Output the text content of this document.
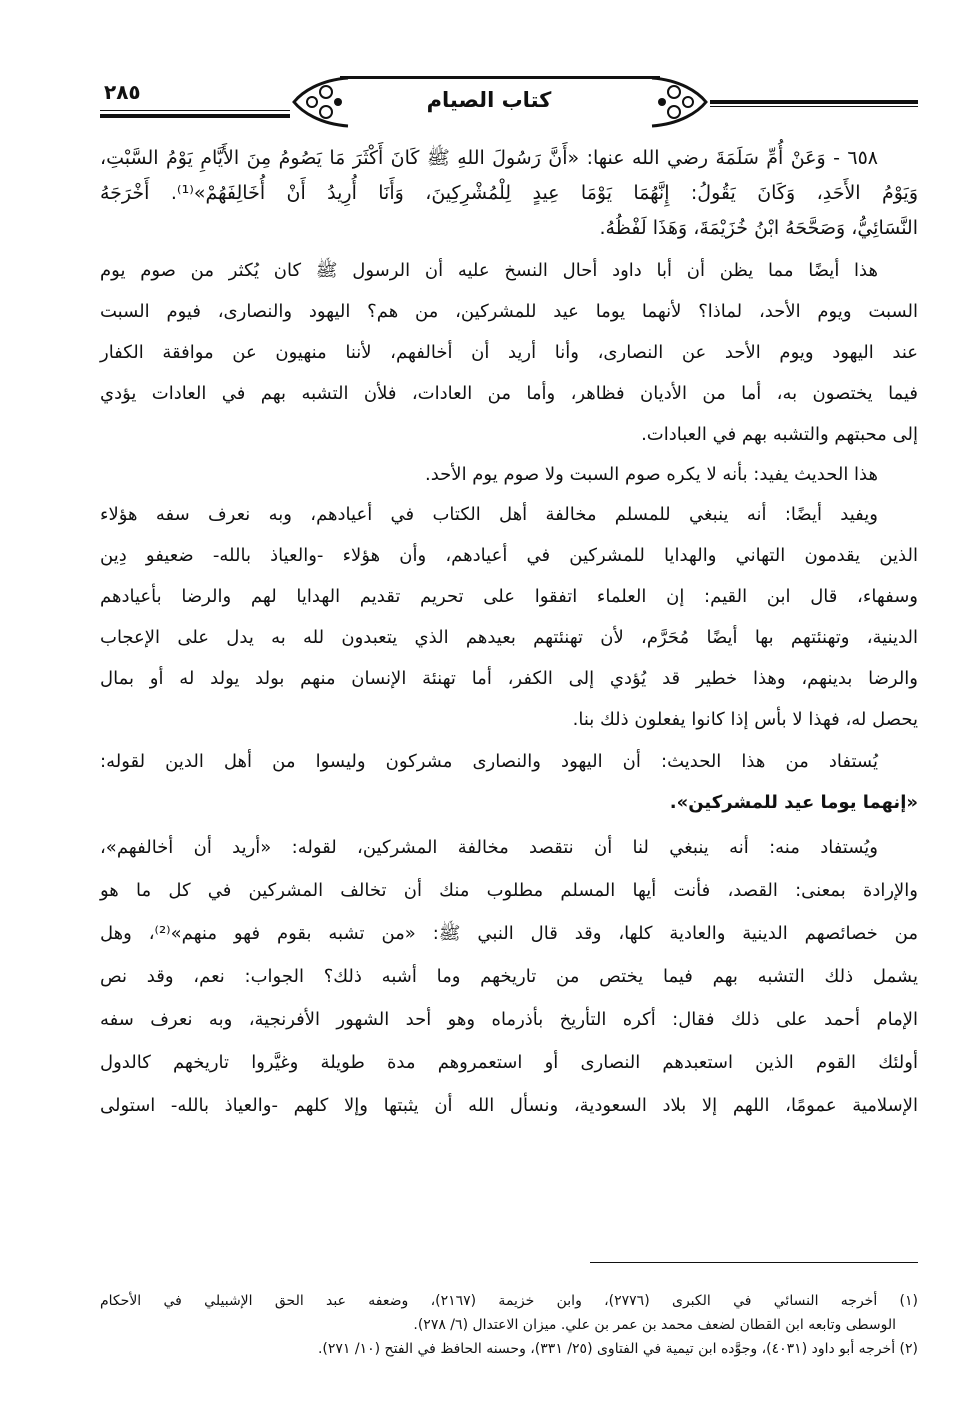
٢٨٥	كتاب الصيام
٦٥٨ - وَعَنْ أُمِّ سَلَمَةَ رضي الله عنها: «أَنَّ رَسُولَ اللهِ ﷺ كَانَ أَكْثَرَ مَا يَصُومُ مِنَ الأَيَّامِ يَوْمُ السَّبْتِ،
وَيَوْمُ الأَحَدِ، وَكَانَ يَقُولُ: إِنَّهُمَا يَوْمَا عِيدٍ لِلْمُشْرِكِينَ، وَأَنَا أُرِيدُ أَنْ أُخَالِفَهُمْ»⁽¹⁾. أَخْرَجَهُ
النَّسَائِيُّ، وَصَحَّحَهُ ابْنُ خُزَيْمَةَ، وَهَذَا لَفْظُهُ.
هذا أيضًا مما يظن أن أبا داود أحال النسخ عليه أن الرسول ﷺ كان يُكثر من صوم يوم
السبت ويوم الأحد، لماذا؟ لأنهما يوما عيد للمشركين، من هم؟ اليهود والنصارى، فيوم السبت
عند اليهود ويوم الأحد عن النصارى، وأنا أريد أن أخالفهم، لأننا منهيون عن موافقة الكفار
فيما يختصون به، أما من الأديان فظاهر، وأما من العادات، فلأن التشبه بهم في العادات يؤدي
إلى محبتهم والتشبه بهم في العبادات.
هذا الحديث يفيد: بأنه لا يكره صوم السبت ولا صوم يوم الأحد.
ويفيد أيضًا: أنه ينبغي للمسلم مخالفة أهل الكتاب في أعيادهم، وبه نعرف سفه هؤلاء
الذين يقدمون التهاني والهدايا للمشركين في أعيادهم، وأن هؤلاء -والعياذ بالله- ضعيفو دِين
وسفهاء، قال ابن القيم: إن العلماء اتفقوا على تحريم تقديم الهدايا لهم والرضا بأعيادهم
الدينية، وتهنئتهم بها أيضًا مُحَرَّم، لأن تهنئتهم بعيدهم الذي يتعبدون لله به يدل على الإعجاب
والرضا بدينهم، وهذا خطير قد يُؤدي إلى الكفر، أما تهنئة الإنسان منهم بولد يولد له أو بمال
يحصل له، فهذا لا بأس إذا كانوا يفعلون ذلك بنا.
يُستفاد من هذا الحديث: أن اليهود والنصارى مشركون وليسوا من أهل الدين لقوله:
«إنهما يوما عيد للمشركين».
ويُستفاد منه: أنه ينبغي لنا أن نتقصد مخالفة المشركين، لقوله: «أريد أن أخالفهم»،
والإرادة بمعنى: القصد، فأنت أيها المسلم مطلوب منك أن تخالف المشركين في كل ما هو
من خصائصهم الدينية والعادية كلها، وقد قال النبي ﷺ: «من تشبه بقوم فهو منهم»⁽²⁾، وهل
يشمل ذلك التشبه بهم فيما يختص من تاريخهم وما أشبه ذلك؟ الجواب: نعم، وقد نص
الإمام أحمد على ذلك فقال: أكره التأريخ بأذرماه وهو أحد الشهور الأفرنجية، وبه نعرف سفه
أولئك القوم الذين استعبدهم النصارى أو استعمروهم مدة طويلة وغيَّروا تاريخهم كالدول
الإسلامية عمومًا، اللهم إلا بلاد السعودية، ونسأل الله أن يثبتها وإلا كلهم -والعياذ بالله- استولى
(١) أخرجه النسائي في الكبرى (٢٧٧٦)، وابن خزيمة (٢١٦٧)، وضعفه عبد الحق الإشبيلي في الأحكام
الوسطى وتابعه ابن القطان لضعف محمد بن عمر بن علي. ميزان الاعتدال (٦/ ٢٧٨).
(٢) أخرجه أبو داود (٤٠٣١)، وجوَّده ابن تيمية في الفتاوى (٢٥/ ٣٣١)، وحسنه الحافظ في الفتح (١٠/ ٢٧١).
